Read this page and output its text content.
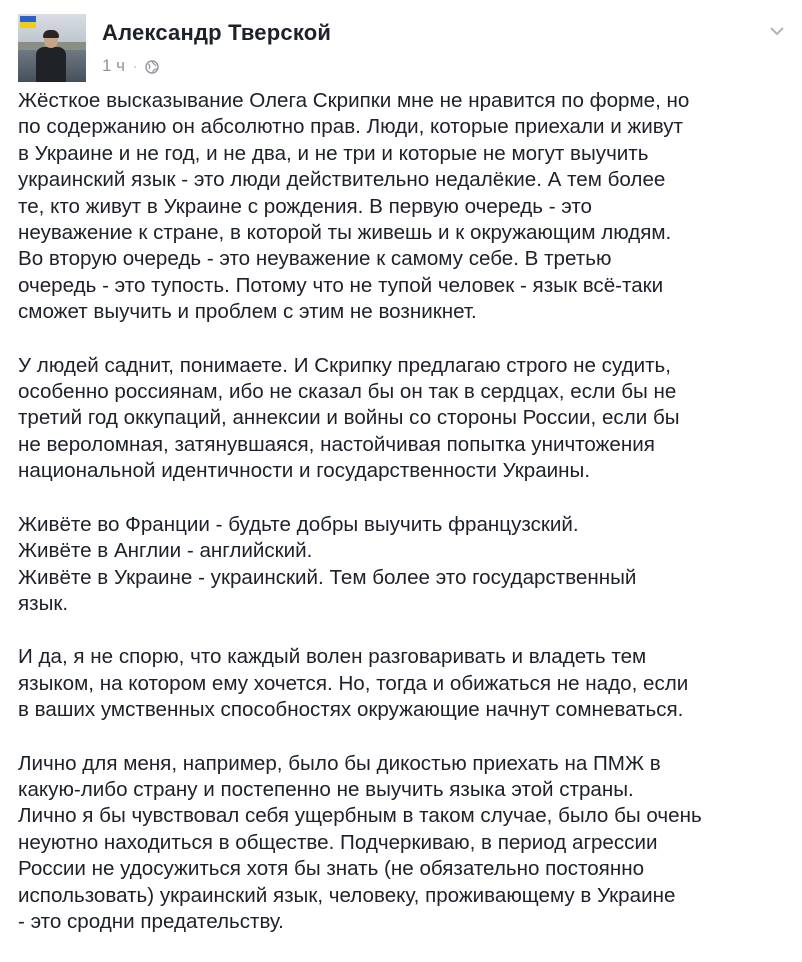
Александр Тверской
1 ч ·

Жёсткое высказывание Олега Скрипки мне не нравится по форме, но
по содержанию он абсолютно прав. Люди, которые приехали и живут
в Украине и не год, и не два, и не три и которые не могут выучить
украинский язык - это люди действительно недалёкие. А тем более
те, кто живут в Украине с рождения. В первую очередь - это
неуважение к стране, в которой ты живешь и к окружающим людям.
Во вторую очередь - это неуважение к самому себе. В третью
очередь - это тупость. Потому что не тупой человек - язык всё-таки
сможет выучить и проблем с этим не возникнет.

У людей саднит, понимаете. И Скрипку предлагаю строго не судить,
особенно россиянам, ибо не сказал бы он так в сердцах, если бы не
третий год оккупаций, аннексии и войны со стороны России, если бы
не вероломная, затянувшаяся, настойчивая попытка уничтожения
национальной идентичности и государственности Украины.

Живёте во Франции - будьте добры выучить французский.
Живёте в Англии - английский.
Живёте в Украине - украинский. Тем более это государственный
язык.

И да, я не спорю, что каждый волен разговаривать и владеть тем
языком, на котором ему хочется. Но, тогда и обижаться не надо, если
в ваших умственных способностях окружающие начнут сомневаться.

Лично для меня, например, было бы дикостью приехать на ПМЖ в
какую-либо страну и постепенно не выучить языка этой страны.
Лично я бы чувствовал себя ущербным в таком случае, было бы очень
неуютно находиться в обществе. Подчеркиваю, в период агрессии
России не удосужиться хотя бы знать (не обязательно постоянно
использовать) украинский язык, человеку, проживающему в Украине
- это сродни предательству.
